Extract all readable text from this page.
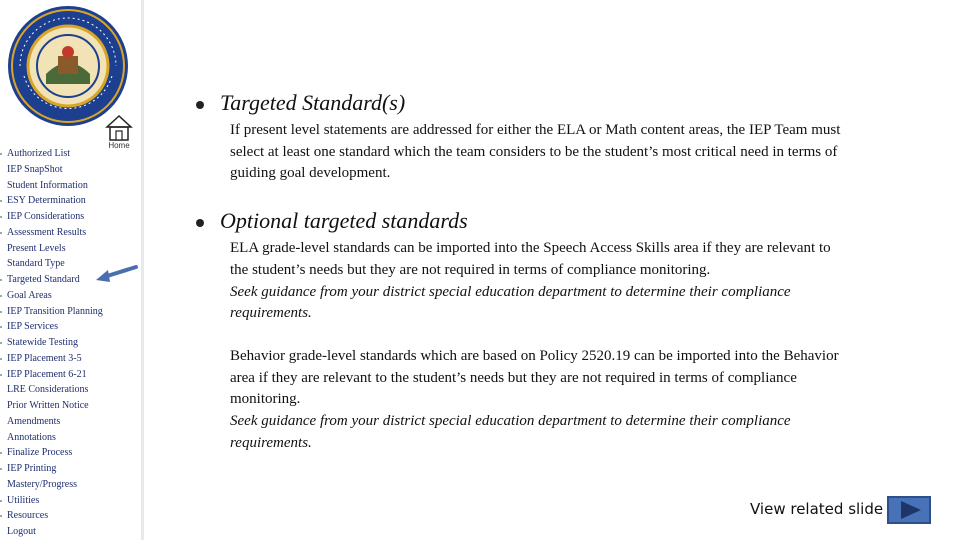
Home
Authorized List
IEP SnapShot
Student Information
ESY Determination
IEP Considerations
Assessment Results
Present Levels
Standard Type
Targeted Standard
Goal Areas
IEP Transition Planning
IEP Services
Statewide Testing
IEP Placement 3-5
IEP Placement 6-21
LRE Considerations
Prior Written Notice
Amendments
Annotations
Finalize Process
IEP Printing
Mastery/Progress
Utilities
Resources
Logout
Targeted Standard(s)

If present level statements are addressed for either the ELA or Math content areas, the IEP Team must select at least one standard which the team considers to be the student’s most critical need in terms of guiding goal development.

Optional targeted standards

ELA grade-level standards can be imported into the Speech Access Skills area if they are relevant to the student’s needs but they are not required in terms of compliance monitoring.

Seek guidance from your district special education department to determine their compliance requirements.

Behavior grade-level standards which are based on Policy 2520.19 can be imported into the Behavior area if they are relevant to the student’s needs but they are not required in terms of compliance monitoring.

Seek guidance from your district special education department to determine their compliance requirements.

View related slide
